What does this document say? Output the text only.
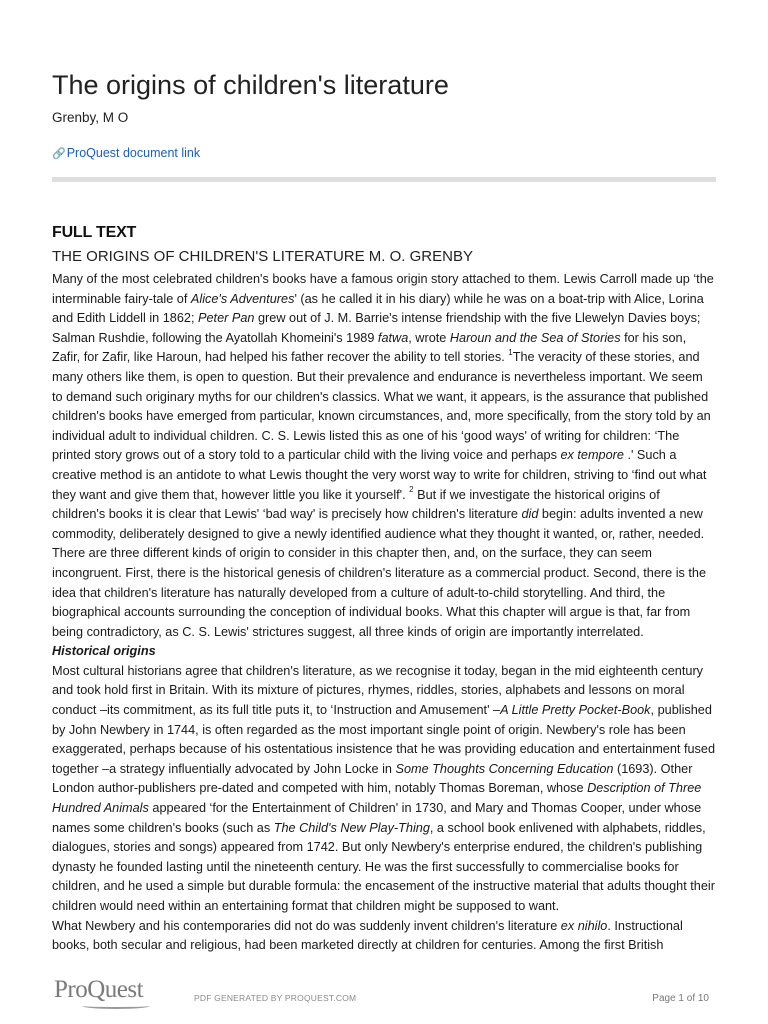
The origins of children's literature
Grenby, M O
🔗ProQuest document link
FULL TEXT
THE ORIGINS OF CHILDREN'S LITERATURE M. O. GRENBY

Many of the most celebrated children's books have a famous origin story attached to them. Lewis Carroll made up ‘the interminable fairy-tale of Alice's Adventures' (as he called it in his diary) while he was on a boat-trip with Alice, Lorina and Edith Liddell in 1862; Peter Pan grew out of J. M. Barrie's intense friendship with the five Llewelyn Davies boys; Salman Rushdie, following the Ayatollah Khomeini's 1989 fatwa, wrote Haroun and the Sea of Stories for his son, Zafir, for Zafir, like Haroun, had helped his father recover the ability to tell stories. $^1$The veracity of these stories, and many others like them, is open to question. But their prevalence and endurance is nevertheless important. We seem to demand such originary myths for our children's classics. What we want, it appears, is the assurance that published children's books have emerged from particular, known circumstances, and, more specifically, from the story told by an individual adult to individual children. C. S. Lewis listed this as one of his ‘good ways' of writing for children: ‘The printed story grows out of a story told to a particular child with the living voice and perhaps ex tempore .' Such a creative method is an antidote to what Lewis thought the very worst way to write for children, striving to ‘find out what they want and give them that, however little you like it yourself'. $^2$ But if we investigate the historical origins of children's books it is clear that Lewis' ‘bad way' is precisely how children's literature did begin: adults invented a new commodity, deliberately designed to give a newly identified audience what they thought it wanted, or, rather, needed. There are three different kinds of origin to consider in this chapter then, and, on the surface, they can seem incongruent. First, there is the historical genesis of children's literature as a commercial product. Second, there is the idea that children's literature has naturally developed from a culture of adult-to-child storytelling. And third, the biographical accounts surrounding the conception of individual books. What this chapter will argue is that, far from being contradictory, as C. S. Lewis' strictures suggest, all three kinds of origin are importantly interrelated.

Historical origins

Most cultural historians agree that children's literature, as we recognise it today, began in the mid eighteenth century and took hold first in Britain. With its mixture of pictures, rhymes, riddles, stories, alphabets and lessons on moral conduct –its commitment, as its full title puts it, to ‘Instruction and Amusement' –A Little Pretty Pocket-Book, published by John Newbery in 1744, is often regarded as the most important single point of origin. Newbery's role has been exaggerated, perhaps because of his ostentatious insistence that he was providing education and entertainment fused together –a strategy influentially advocated by John Locke in Some Thoughts Concerning Education (1693). Other London author-publishers pre-dated and competed with him, notably Thomas Boreman, whose Description of Three Hundred Animals appeared ‘for the Entertainment of Children' in 1730, and Mary and Thomas Cooper, under whose names some children's books (such as The Child's New Play-Thing, a school book enlivened with alphabets, riddles, dialogues, stories and songs) appeared from 1742. But only Newbery's enterprise endured, the children's publishing dynasty he founded lasting until the nineteenth century. He was the first successfully to commercialise books for children, and he used a simple but durable formula: the encasement of the instructive material that adults thought their children would need within an entertaining format that children might be supposed to want.

What Newbery and his contemporaries did not do was suddenly invent children's literature ex nihilo. Instructional books, both secular and religious, had been marketed directly at children for centuries. Among the first British

ProQuest	PDF GENERATED BY PROQUEST.COM	Page 1 of 10
